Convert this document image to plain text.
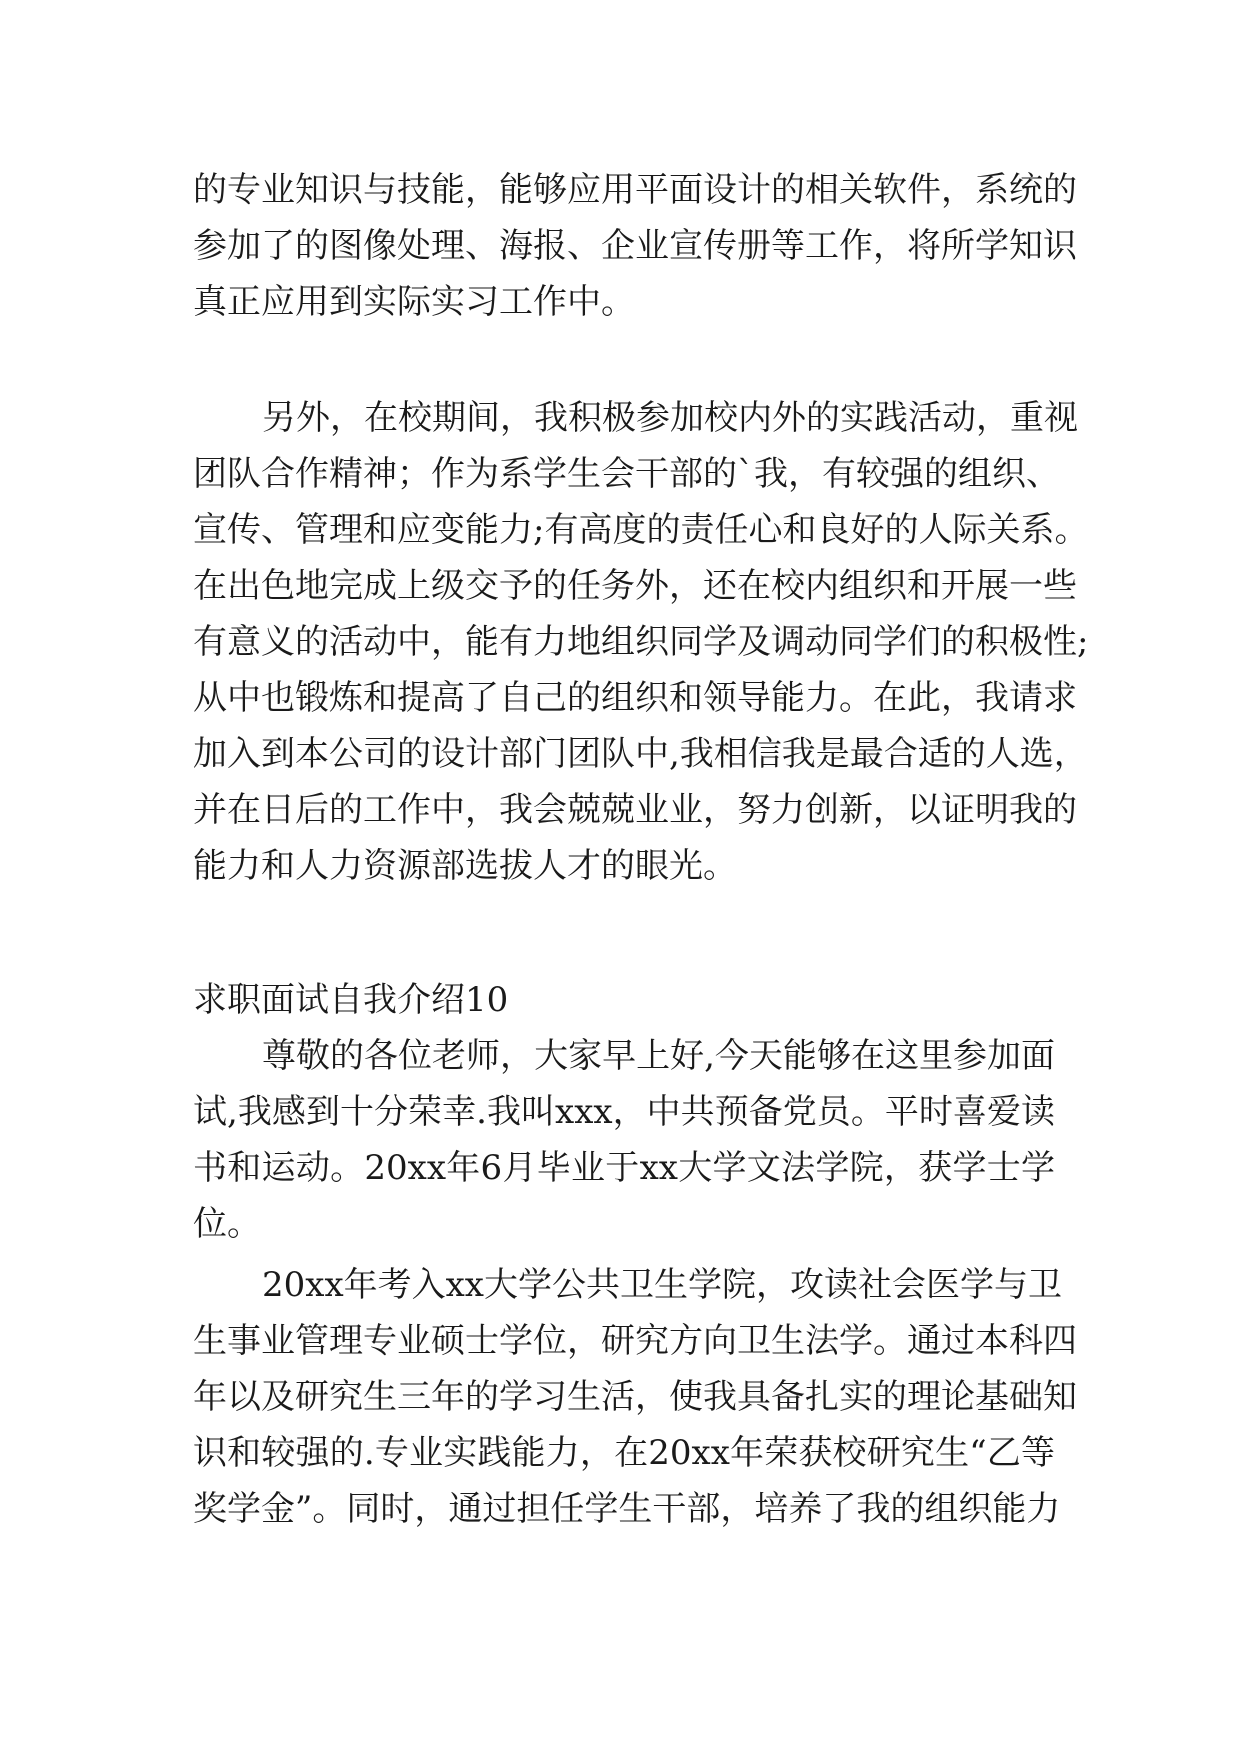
的专业知识与技能，能够应用平面设计的相关软件，系统的
参加了的图像处理、海报、企业宣传册等工作，将所学知识
真正应用到实际实习工作中。
另外，在校期间，我积极参加校内外的实践活动，重视
团队合作精神；作为系学生会干部的`我，有较强的组织、
宣传、管理和应变能力;有高度的责任心和良好的人际关系。
在出色地完成上级交予的任务外，还在校内组织和开展一些
有意义的活动中，能有力地组织同学及调动同学们的积极性;
从中也锻炼和提高了自己的组织和领导能力。在此，我请求
加入到本公司的设计部门团队中,我相信我是最合适的人选，
并在日后的工作中，我会兢兢业业，努力创新，以证明我的
能力和人力资源部选拔人才的眼光。
求职面试自我介绍10
尊敬的各位老师，大家早上好,今天能够在这里参加面
试,我感到十分荣幸.我叫xxx，中共预备党员。平时喜爱读
书和运动。20xx年6月毕业于xx大学文法学院，获学士学
位。
20xx年考入xx大学公共卫生学院，攻读社会医学与卫
生事业管理专业硕士学位，研究方向卫生法学。通过本科四
年以及研究生三年的学习生活，使我具备扎实的理论基础知
识和较强的.专业实践能力，在20xx年荣获校研究生“乙等
奖学金”。同时，通过担任学生干部，培养了我的组织能力
